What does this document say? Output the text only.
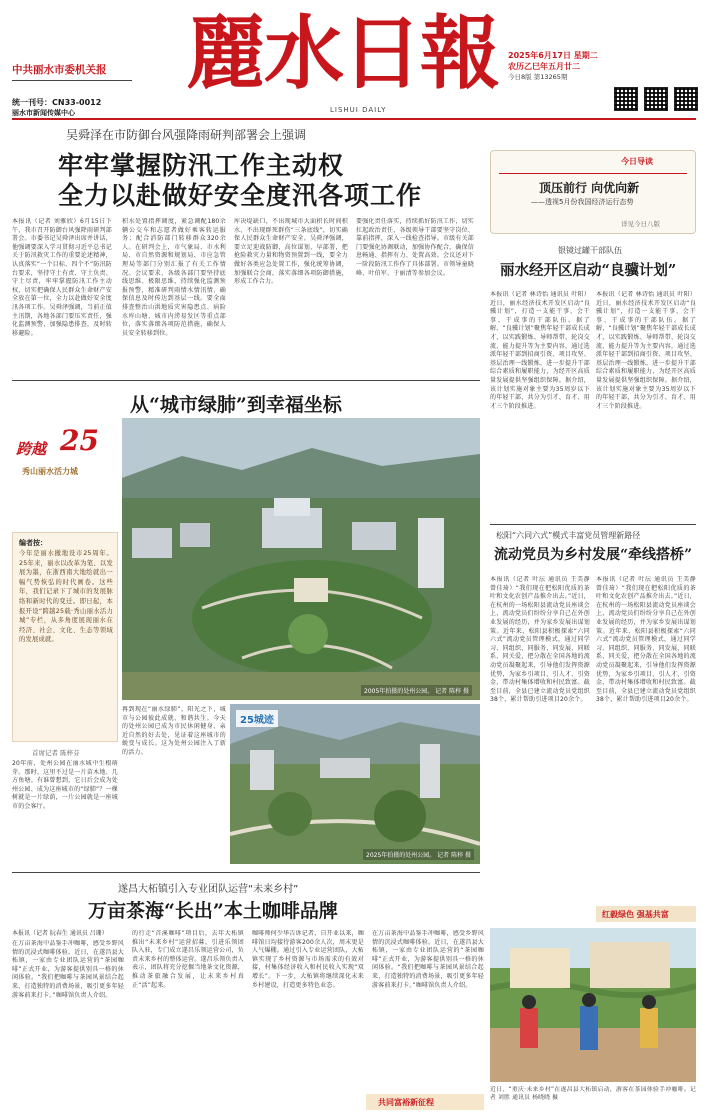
中共丽水市委机关报
统一刊号：CN33-0012
丽水市新闻传媒中心
麗水日報
LISHUI DAILY
2025年6月17日 星期二
农历乙巳年五月廿二
今日8版 第13265期
吴舜泽在市防御台风强降雨研判部署会上强调
牢牢掌握防汛工作主动权
全力以赴做好安全度汛各项工作
本报讯（记者 刘雅欣）6月15日下午，我市召开防御台风强降雨研判部署会。市委书记吴舜泽出席并讲话，他强调要深入学习贯彻习近平总书记关于防汛救灾工作的重要论述精神，认真落实“一个目标、四个不”防汛防台要求，坚持守土有责、守土负责、守土尽责，牢牢掌握防汛工作主动权，切实把确保人民群众生命财产安全放在第一位，全力以赴做好安全度汛各项工作。吴舜泽强调，当前正值主汛期，各地各部门要压实责任，强化监测预警，加强隐患排查，及时转移避险。
积水处置指挥调度，紧急调配180余辆公交车和志愿者做好乘客转运服务；配合消防部门转移群众320余人。在研判会上，市气象局、市水利局、市自然资源和规划局、市应急管理局等部门分别汇报了有关工作情况。会议要求，各级各部门要坚持底线思维、极限思维，持续强化监测预报预警，精准研判雨情水情汛情，确保信息及时传达到基层一线。要全面排查整治山洪地质灾害隐患点、病险水库山塘、城市内涝易发区等重点部位，落实落细各项防范措施，确保人员安全转移到位。
库决堤缺口，不出现城市大面积长时间积水，不出现群死群伤“三条底线”，切实确保人民群众生命财产安全。吴舜泽强调，要立足迎战防御，高位谋划、早部署，把抢险救灾力量和物资预置到一线，要全力做好各类应急处置工作，强化统筹协调，加强联合会商，落实落细各项防御措施，形成工作合力。
要强化责任落实，持续抓好防汛工作，切实扛起政治责任，各级领导干部要坚守岗位、靠前指挥，深入一线检查指导。市级有关部门要强化协调联动，加强协作配合，确保信息畅通、指挥有力、处置高效。会议还对下一阶段防汛工作作了具体部署。市领导童晓峰、叶伯军、于丽清等参加会议。
今日导读
顶压前行 向优向新
——透视5月份我国经济运行态势
详见今日八版
银镜过罐干部队伍
丽水经开区启动“良骥计划”
本报讯（记者 林诗怡 通讯员 叶阳）近日，丽水经济技术开发区启动“良骥计划”，打造一支能干事、会干事、干成事的干部队伍。据了解，“良骥计划”聚焦年轻干部成长成才，以实践锻炼、导师帮带、轮岗交流、能力提升等为主要内容，通过选派年轻干部到招商引资、项目攻坚、基层治理一线锻炼，进一步提升干部综合素质和履职能力，为经开区高质量发展提供坚强组织保障。据介绍，该计划实施对象主要为35周岁以下的年轻干部，共分为引才、育才、用才三个阶段推进。
本报讯（记者 林诗怡 通讯员 叶阳）近日，丽水经济技术开发区启动“良骥计划”，打造一支能干事、会干事、干成事的干部队伍。据了解，“良骥计划”聚焦年轻干部成长成才，以实践锻炼、导师帮带、轮岗交流、能力提升等为主要内容，通过选派年轻干部到招商引资、项目攻坚、基层治理一线锻炼，进一步提升干部综合素质和履职能力，为经开区高质量发展提供坚强组织保障。据介绍，该计划实施对象主要为35周岁以下的年轻干部，共分为引才、育才、用才三个阶段推进。
松阳“六同六式”模式丰富党员管理新路径
流动党员为乡村发展“牵线搭桥”
本报讯（记者 叶沄 通讯员 王美静 曾佳琦）“我们现在把松阳优质的茶叶和文化农创产品推介出去。”近日，在杭州的一场松阳县流动党员座谈会上，流动党员们纷纷分享自己在外创业发展的经历，并为家乡发展出谋划策。近年来，松阳县积极探索“六同六式”流动党员管理模式，通过同学习、同组织、同服务、同发展、同联系、同关爱，把分散在全国各地的流动党员凝聚起来，引导他们发挥资源优势，为家乡引项目、引人才、引资金，带动村集体增收和村民致富。截至目前，全县已建立流动党员党组织38个，累计帮助引进项目20余个。
本报讯（记者 叶沄 通讯员 王美静 曾佳琦）“我们现在把松阳优质的茶叶和文化农创产品推介出去。”近日，在杭州的一场松阳县流动党员座谈会上，流动党员们纷纷分享自己在外创业发展的经历，并为家乡发展出谋划策。近年来，松阳县积极探索“六同六式”流动党员管理模式，通过同学习、同组织、同服务、同发展、同联系、同关爱，把分散在全国各地的流动党员凝聚起来，引导他们发挥资源优势，为家乡引项目、引人才、引资金，带动村集体增收和村民致富。截至目前，全县已建立流动党员党组织38个，累计帮助引进项目20余个。
红毅绿色 强基共富
从“城市绿肺”到幸福坐标
跨越 25
秀山丽水活力城
编者按：
今年是丽水撤地设市25周年。25年来，丽水以改革为笔、以发展为墨，在浙西南大地绘就出一幅气势恢弘的时代画卷。这些年，我们记录下了城市的发展脉络和新时代的变迁。即日起，本报开设“跨越25载·秀山丽水活力城”专栏，从多角度展现丽水在经济、社会、文化、生态等领域的发展成就。
首席记者 陈梓芬
20年前，处州公园在丽水城中生根萌芽。那时，这里不过是一片苗木地、几方鱼塘。有谁曾想到，它日后会成为处州公园、成为这座城市的“绿肺”？一棵树就是一片绿荫，一片公园就是一座城市的会客厅。
2005年拍摄的处州公园。 记者 陈梓 摄
再到现在“丽水绿肺”，阳光之下，城市与公园彼此成就、和谐共生。今天的处州公园已成为市民休闲健身、亲近自然的好去处，见证着这座城市的蜕变与成长。这为处州公园注入了新的活力。
25城迹
2025年拍摄的处州公园。 记者 陈梓 摄
遂昌大柘镇引入专业团队运营“未来乡村”
万亩茶海“长出”本土咖啡品牌
本报讯（记者 阮春生 通讯员 吕珊）
在万亩茶海中品鉴手冲咖啡，感受乡野风情的沉浸式咖啡体验。近日，在遂昌县大柘镇，一家由专业团队运营的“茶园咖啡”正式开业，为游客提供别具一格的休闲体验。“我们把咖啡与茶园风景结合起来，打造独特的消费场景，吸引更多年轻游客前来打卡。”咖啡馆负责人介绍。
的行走“首溪咖啡”项目后，去年大柘镇推出“未来乡村”运营招募，引进乐领团队入驻，专门成立遂昌乐领运营公司，负责未来乡村的整体运营。遂昌乐领负责人表示，团队将充分挖掘当地茶文化资源，推动茶旅融合发展，让未来乡村真正“活”起来。
咖啡师何少华告诉记者，自开业以来，咖啡馆日均接待游客200余人次，周末更是人气爆棚。通过引入专业运营团队，大柘镇实现了乡村资源与市场需求的有效对接，村集体经济收入和村民收入实现“双增长”。下一步，大柘镇将继续深化未来乡村建设，打造更多特色业态。
在万亩茶海中品鉴手冲咖啡，感受乡野风情的沉浸式咖啡体验。近日，在遂昌县大柘镇，一家由专业团队运营的“茶园咖啡”正式开业，为游客提供别具一格的休闲体验。“我们把咖啡与茶园风景结合起来，打造独特的消费场景，吸引更多年轻游客前来打卡。”咖啡馆负责人介绍。
共同富裕新征程
近日，“重庆·未来乡村”在遂昌县大柘镇启动，游客在茶园体验手冲咖啡。记者 刘胜 通讯员 杨晓晓 摄
